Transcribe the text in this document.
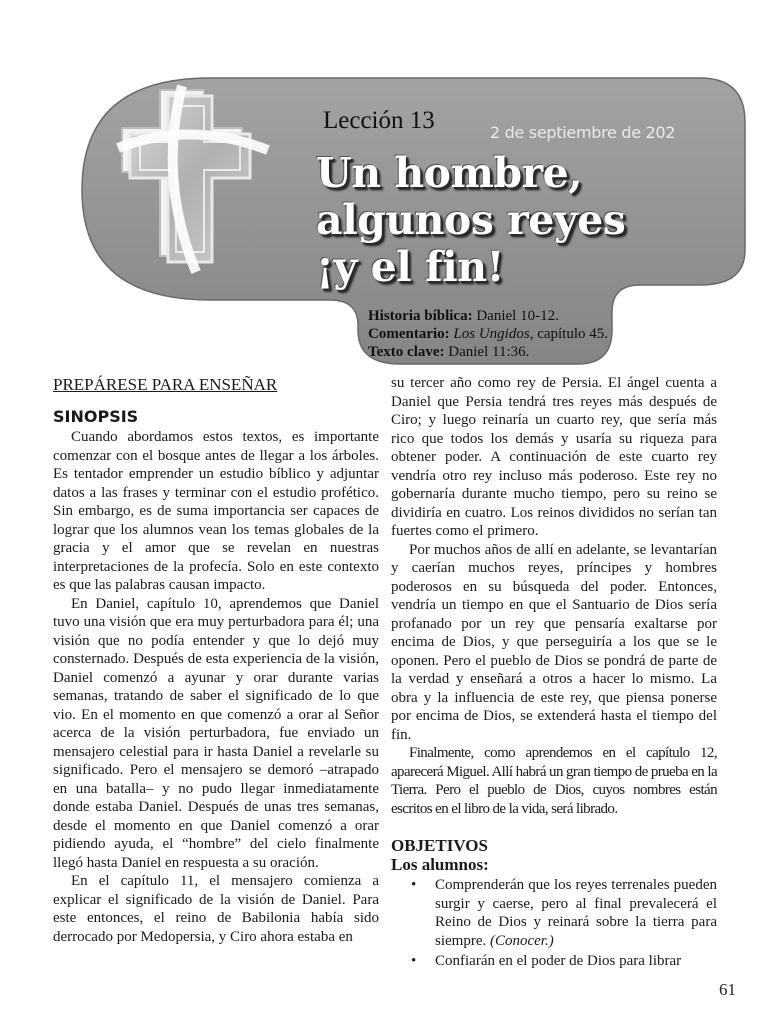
Lección 13	2 de septiembre de 202
Un hombre,
algunos reyes
¡y el fin!
Historia bíblica: Daniel 10-12.
Comentario: Los Ungidos, capítulo 45.
Texto clave: Daniel 11:36.
PREPÁRESE PARA ENSEÑAR
SINOPSIS

Cuando abordamos estos textos, es importante comenzar con el bosque antes de llegar a los árboles. Es tentador emprender un estudio bíblico y adjuntar datos a las frases y terminar con el estudio profético. Sin embargo, es de suma importancia ser capaces de lograr que los alumnos vean los temas globales de la gracia y el amor que se revelan en nuestras interpretaciones de la profecía. Solo en este contexto es que las palabras causan impacto.

En Daniel, capítulo 10, aprendemos que Daniel tuvo una visión que era muy perturbadora para él; una visión que no podía entender y que lo dejó muy consternado. Después de esta experiencia de la visión, Daniel comenzó a ayunar y orar durante varias semanas, tratando de saber el significado de lo que vio. En el momento en que comenzó a orar al Señor acerca de la visión perturbadora, fue enviado un mensajero celestial para ir hasta Daniel a revelarle su significado. Pero el mensajero se demoró –atrapado en una batalla– y no pudo llegar inmediatamente donde estaba Daniel. Después de unas tres semanas, desde el momento en que Daniel comenzó a orar pidiendo ayuda, el “hombre” del cielo finalmente llegó hasta Daniel en respuesta a su oración.

En el capítulo 11, el mensajero comienza a explicar el significado de la visión de Daniel. Para este entonces, el reino de Babilonia había sido derrocado por Medopersia, y Ciro ahora estaba en

su tercer año como rey de Persia. El ángel cuenta a Daniel que Persia tendrá tres reyes más después de Ciro; y luego reinaría un cuarto rey, que sería más rico que todos los demás y usaría su riqueza para obtener poder. A continuación de este cuarto rey vendría otro rey incluso más poderoso. Este rey no gobernaría durante mucho tiempo, pero su reino se dividiría en cuatro. Los reinos divididos no serían tan fuertes como el primero.

Por muchos años de allí en adelante, se levantarían y caerían muchos reyes, príncipes y hombres poderosos en su búsqueda del poder. Entonces, vendría un tiempo en que el Santuario de Dios sería profanado por un rey que pensaría exaltarse por encima de Dios, y que perseguiría a los que se le oponen. Pero el pueblo de Dios se pondrá de parte de la verdad y enseñará a otros a hacer lo mismo. La obra y la influencia de este rey, que piensa ponerse por encima de Dios, se extenderá hasta el tiempo del fin.

Finalmente, como aprendemos en el capítulo 12, aparecerá Miguel. Allí habrá un gran tiempo de prueba en la Tierra. Pero el pueblo de Dios, cuyos nombres están escritos en el libro de la vida, será librado.

OBJETIVOS
Los alumnos:
• Comprenderán que los reyes terrenales pueden surgir y caerse, pero al final prevalecerá el Reino de Dios y reinará sobre la tierra para siempre. (Conocer.)
• Confiarán en el poder de Dios para librar
61
